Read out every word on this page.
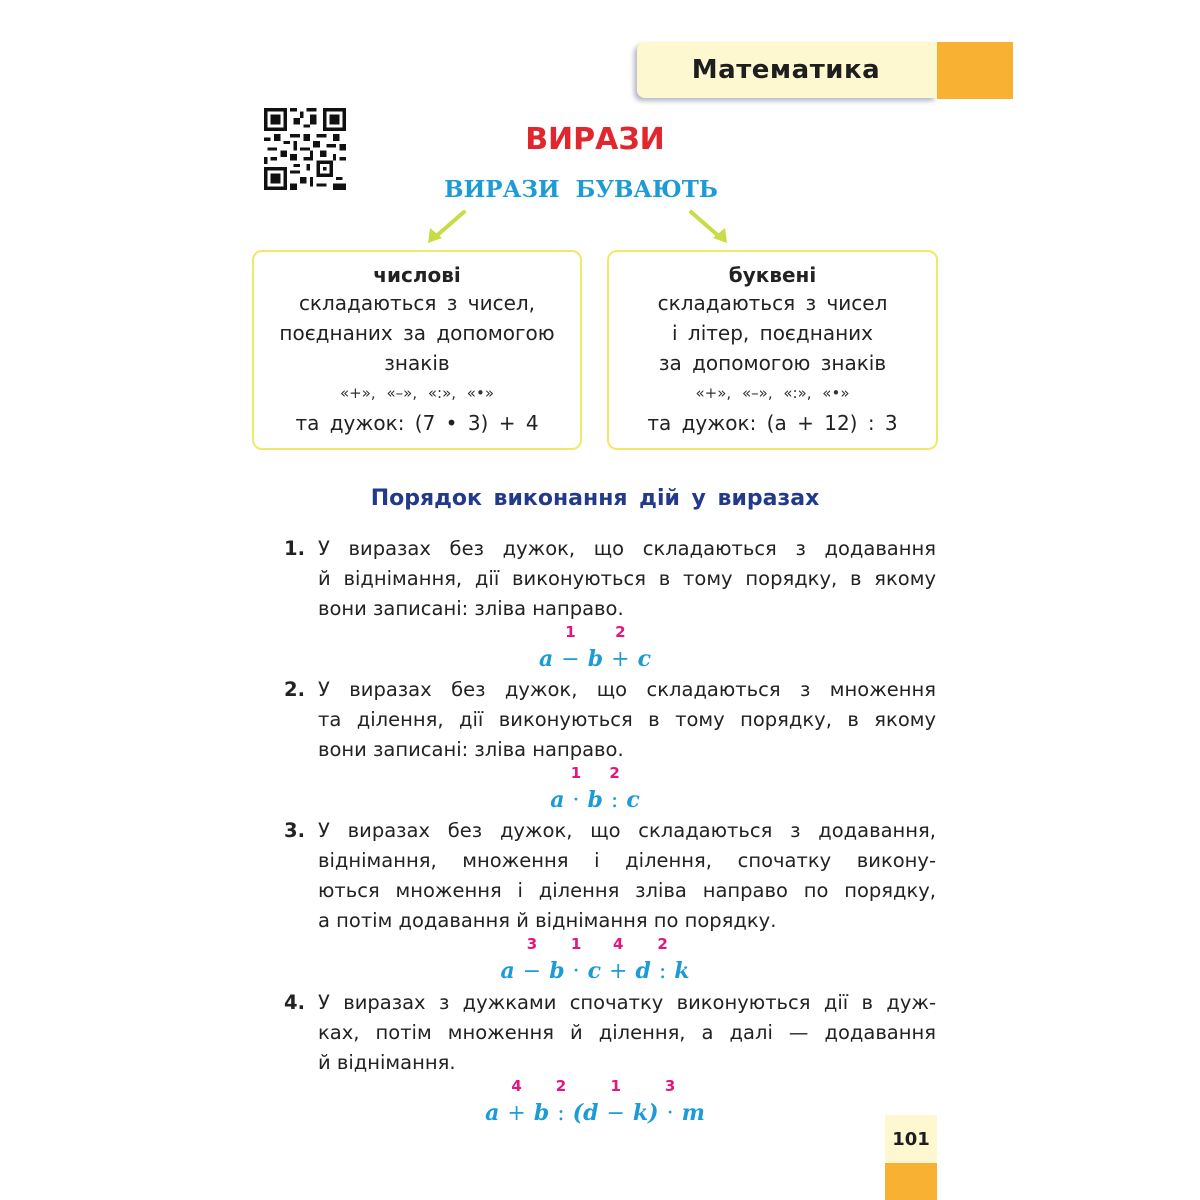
Математика
ВИРАЗИ
ВИРАЗИ БУВАЮТЬ
числові
складаються з чисел,
поєднаних за допомогою
знаків
«+», «–», «:», «•»
та дужок: (7 • 3) + 4
буквені
складаються з чисел
і літер, поєднаних
за допомогою знаків
«+», «–», «:», «•»
та дужок: (а + 12) : 3
Порядок виконання дій у виразах
1. У виразах без дужок, що складаються з додавання
й віднімання, дії виконуються в тому порядку, в якому
вони записані: зліва направо.
a −
1
b +
2
c
2. У виразах без дужок, що складаються з множення
та ділення, дії виконуються в тому порядку, в якому
вони записані: зліва направо.
a ·
1
b :
2
c
3. У виразах без дужок, що складаються з додавання,
віднімання, множення і ділення, спочатку викону-
ються множення і ділення зліва направо по порядку,
а потім додавання й віднімання по порядку.
a −
3
b ·
1
c +
4
d :
2
k
4. У виразах з дужками спочатку виконуються дії в дуж-
ках, потім множення й ділення, а далі — додавання
й віднімання.
a +
4
b :
2
(d −
1
k) ·
3
m
101
